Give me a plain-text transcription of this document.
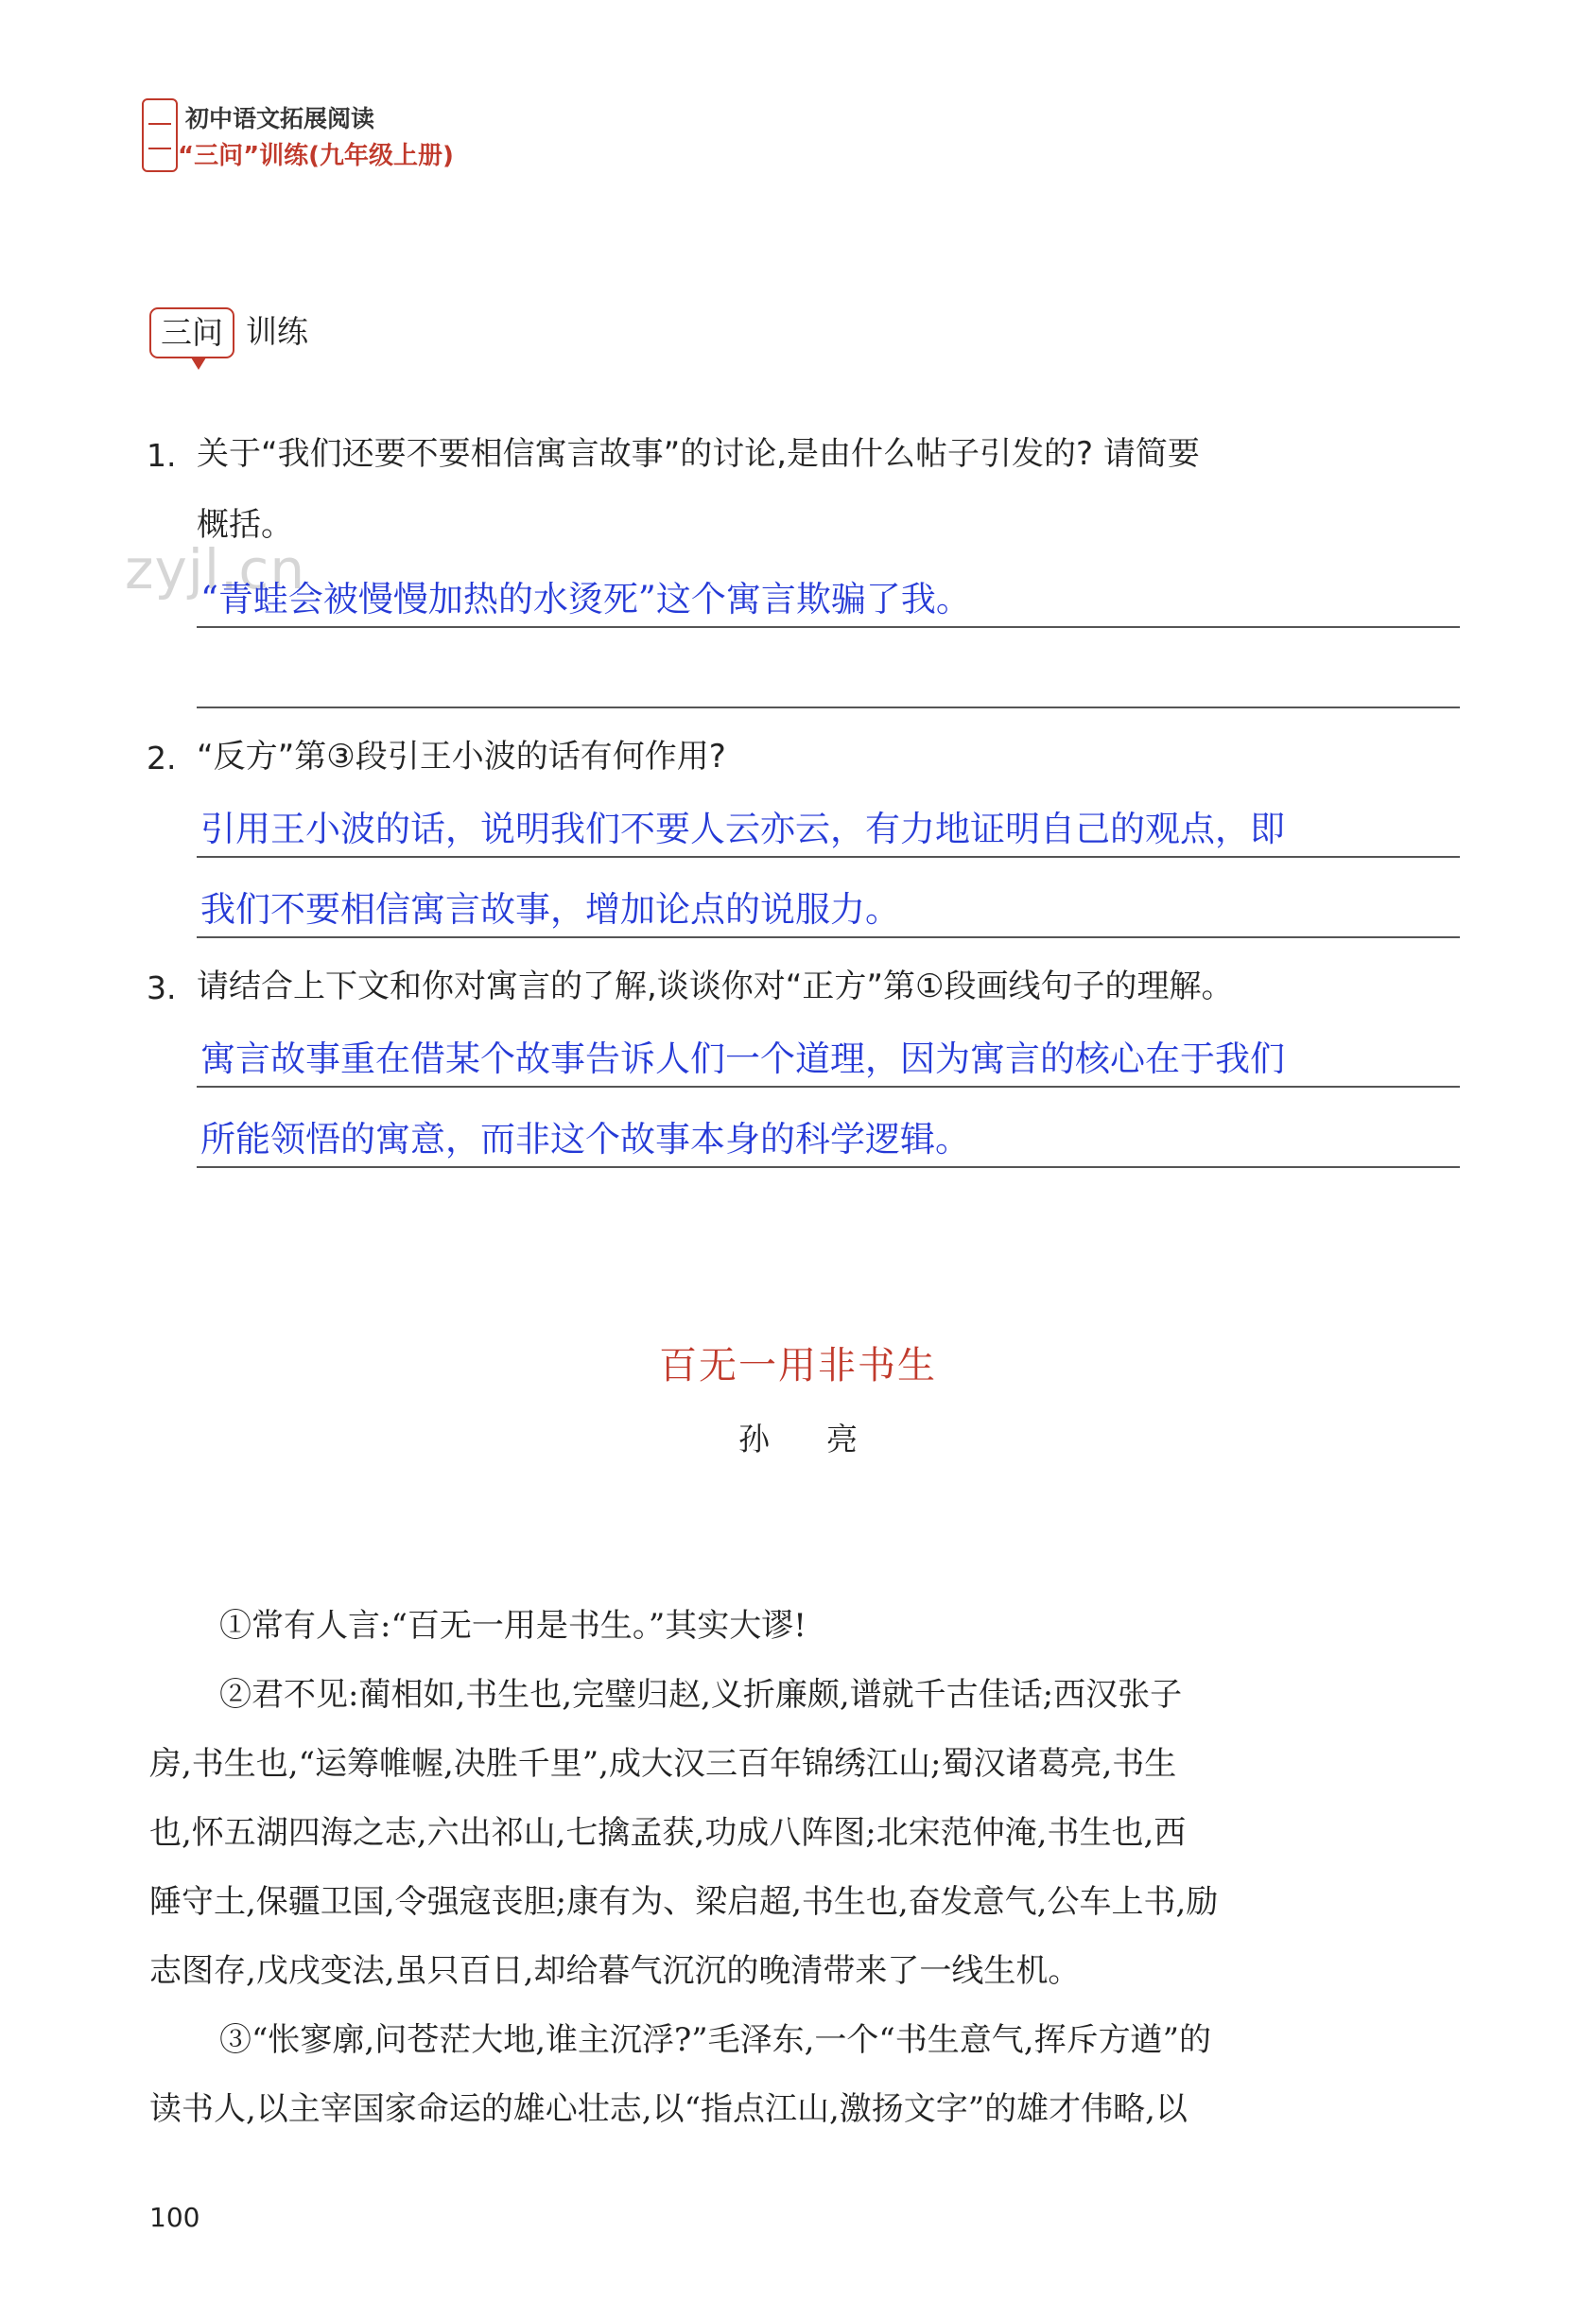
初中语文拓展阅读
“三问”训练(九年级上册)
三问 训练
zyjl.cn
1. 关于“我们还要不要相信寓言故事”的讨论,是由什么帖子引发的? 请简要
概括。
“青蛙会被慢慢加热的水烫死”这个寓言欺骗了我。
2. “反方”第③段引王小波的话有何作用?
引用王小波的话，说明我们不要人云亦云，有力地证明自己的观点，即
我们不要相信寓言故事，增加论点的说服力。
3. 请结合上下文和你对寓言的了解,谈谈你对“正方”第①段画线句子的理解。
寓言故事重在借某个故事告诉人们一个道理，因为寓言的核心在于我们
所能领悟的寓意，而非这个故事本身的科学逻辑。
百无一用非书生
孙 亮
①常有人言:“百无一用是书生。”其实大谬!
②君不见:蔺相如,书生也,完璧归赵,义折廉颇,谱就千古佳话;西汉张子
房,书生也,“运筹帷幄,决胜千里”,成大汉三百年锦绣江山;蜀汉诸葛亮,书生
也,怀五湖四海之志,六出祁山,七擒孟获,功成八阵图;北宋范仲淹,书生也,西
陲守土,保疆卫国,令强寇丧胆;康有为、梁启超,书生也,奋发意气,公车上书,励
志图存,戊戌变法,虽只百日,却给暮气沉沉的晚清带来了一线生机。
③“怅寥廓,问苍茫大地,谁主沉浮?”毛泽东,一个“书生意气,挥斥方遒”的
读书人,以主宰国家命运的雄心壮志,以“指点江山,激扬文字”的雄才伟略,以
100
